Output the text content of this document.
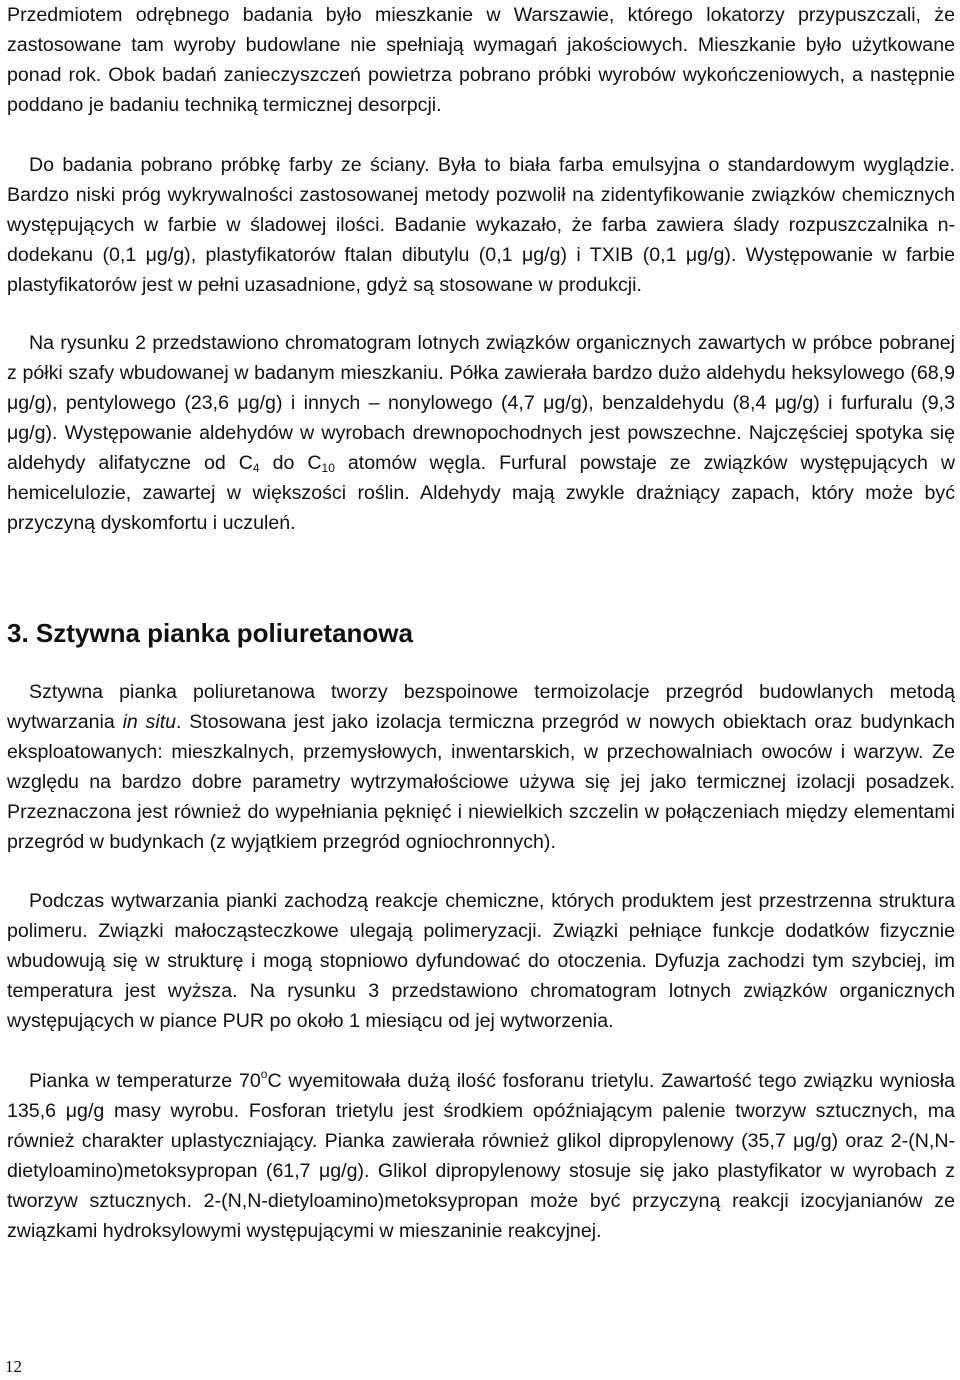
Przedmiotem odrębnego badania było mieszkanie w Warszawie, którego lokatorzy przypuszczali, że zastosowane tam wyroby budowlane nie spełniają wymagań jakościowych. Mieszkanie było użytkowane ponad rok. Obok badań zanieczyszczeń powietrza pobrano próbki wyrobów wykończeniowych, a następnie poddano je badaniu techniką termicznej desorpcji.

Do badania pobrano próbkę farby ze ściany. Była to biała farba emulsyjna o standardowym wyglądzie. Bardzo niski próg wykrywalności zastosowanej metody pozwolił na zidentyfikowanie związków chemicznych występujących w farbie w śladowej ilości. Badanie wykazało, że farba zawiera ślady rozpuszczalnika n-dodekanu (0,1 μg/g), plastyfikatorów ftalan dibutylu (0,1 μg/g) i TXIB (0,1 μg/g). Występowanie w farbie plastyfikatorów jest w pełni uzasadnione, gdyż są stosowane w produkcji.

Na rysunku 2 przedstawiono chromatogram lotnych związków organicznych zawartych w próbce pobranej z półki szafy wbudowanej w badanym mieszkaniu. Półka zawierała bardzo dużo aldehydu heksylowego (68,9 μg/g), pentylowego (23,6 μg/g) i innych – nonylowego (4,7 μg/g), benzaldehydu (8,4 μg/g) i furfuralu (9,3 μg/g). Występowanie aldehydów w wyrobach drewnopochodnych jest powszechne. Najczęściej spotyka się aldehydy alifatyczne od $C_4$ do $C_{10}$ atomów węgla. Furfural powstaje ze związków występujących w hemicelulozie, zawartej w większości roślin. Aldehydy mają zwykle drażniący zapach, który może być przyczyną dyskomfortu i uczuleń.

3. Sztywna pianka poliuretanowa

Sztywna pianka poliuretanowa tworzy bezspoinowe termoizolacje przegród budowlanych metodą wytwarzania in situ. Stosowana jest jako izolacja termiczna przegród w nowych obiektach oraz budynkach eksploatowanych: mieszkalnych, przemysłowych, inwentarskich, w przechowalniach owoców i warzyw. Ze względu na bardzo dobre parametry wytrzymałościowe używa się jej jako termicznej izolacji posadzek. Przeznaczona jest również do wypełniania pęknięć i niewielkich szczelin w połączeniach między elementami przegród w budynkach (z wyjątkiem przegród ogniochronnych).

Podczas wytwarzania pianki zachodzą reakcje chemiczne, których produktem jest przestrzenna struktura polimeru. Związki małocząsteczkowe ulegają polimeryzacji. Związki pełniące funkcje dodatków fizycznie wbudowują się w strukturę i mogą stopniowo dyfundować do otoczenia. Dyfuzja zachodzi tym szybciej, im temperatura jest wyższa. Na rysunku 3 przedstawiono chromatogram lotnych związków organicznych występujących w piance PUR po około 1 miesiącu od jej wytworzenia.

Pianka w temperaturze 70$^o$C wyemitowała dużą ilość fosforanu trietylu. Zawartość tego związku wyniosła 135,6 μg/g masy wyrobu. Fosforan trietylu jest środkiem opóźniającym palenie tworzyw sztucznych, ma również charakter uplastyczniający. Pianka zawierała również glikol dipropylenowy (35,7 μg/g) oraz 2-(N,N-dietyloamino)metoksypropan (61,7 μg/g). Glikol dipropylenowy stosuje się jako plastyfikator w wyrobach z tworzyw sztucznych. 2-(N,N-dietyloamino)metoksypropan może być przyczyną reakcji izocyjanianów ze związkami hydroksylowymi występującymi w mieszaninie reakcyjnej.

12
